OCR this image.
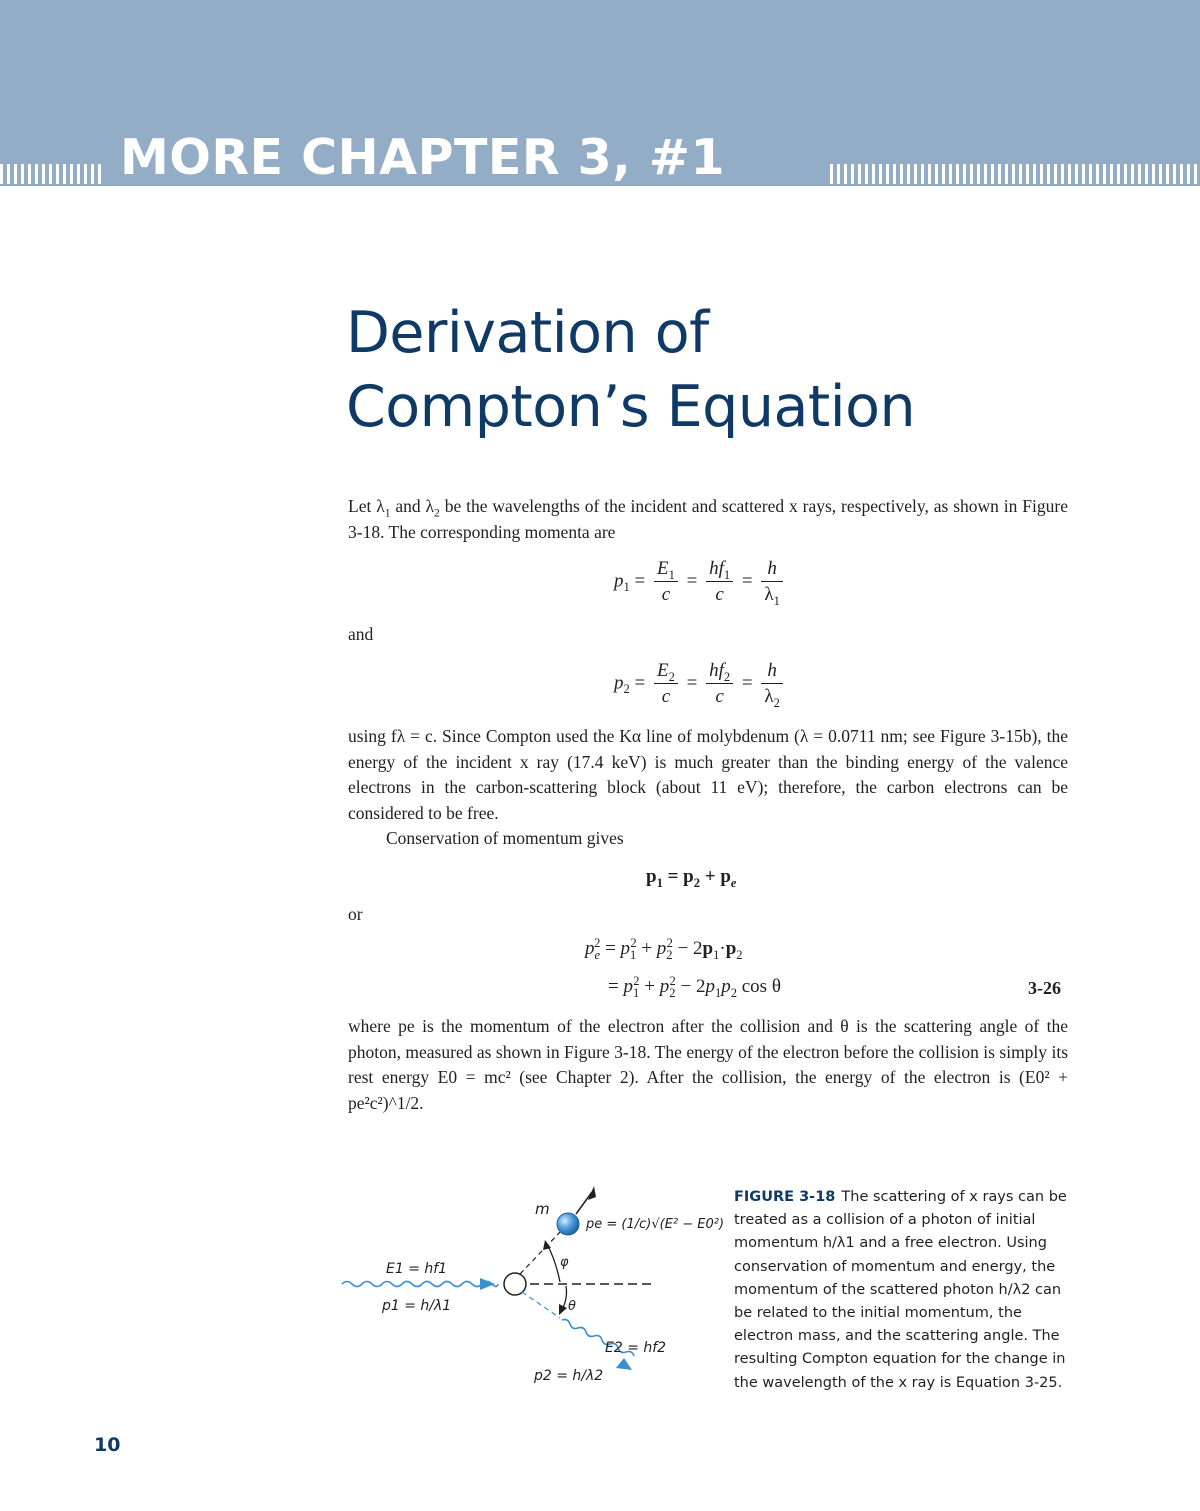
MORE CHAPTER 3, #1
Derivation of
Compton’s Equation

Let $\lambda_1$ and $\lambda_2$ be the wavelengths of the incident and scattered x rays, respectively, as shown in Figure 3-18. The corresponding momenta are

$p_1 = \frac{E_1}{c} = \frac{hf_1}{c} = \frac{h}{\lambda_1}$

and

$p_2 = \frac{E_2}{c} = \frac{hf_2}{c} = \frac{h}{\lambda_2}$

using fλ = c. Since Compton used the Kα line of molybdenum (λ = 0.0711 nm; see Figure 3-15b), the energy of the incident x ray (17.4 keV) is much greater than the binding energy of the valence electrons in the carbon-scattering block (about 11 eV); therefore, the carbon electrons can be considered to be free.

Conservation of momentum gives

$p_1 = p_2 + p_e$

or

$p_e^2 = p_1^2 + p_2^2 - 2p_1\cdot p_2$
= $p_1^2 + p_2^2 - 2p_1p_2$ cos θ	3-26

where pe is the momentum of the electron after the collision and θ is the scattering angle of the photon, measured as shown in Figure 3-18. The energy of the electron before the collision is simply its rest energy E0 = mc² (see Chapter 2). After the collision, the energy of the electron is (E0² + pe²c²)^1/2.

m
pe = (1/c)√(E² − E0²)
φ
θ
E1 = hf1
p1 = h/λ1
E2 = hf2
p2 = h/λ2

FIGURE 3-18 The scattering of x rays can be treated as a collision of a photon of initial momentum h/λ1 and a free electron. Using conservation of momentum and energy, the momentum of the scattered photon h/λ2 can be related to the initial momentum, the electron mass, and the scattering angle. The resulting Compton equation for the change in the wavelength of the x ray is Equation 3-25.

10
